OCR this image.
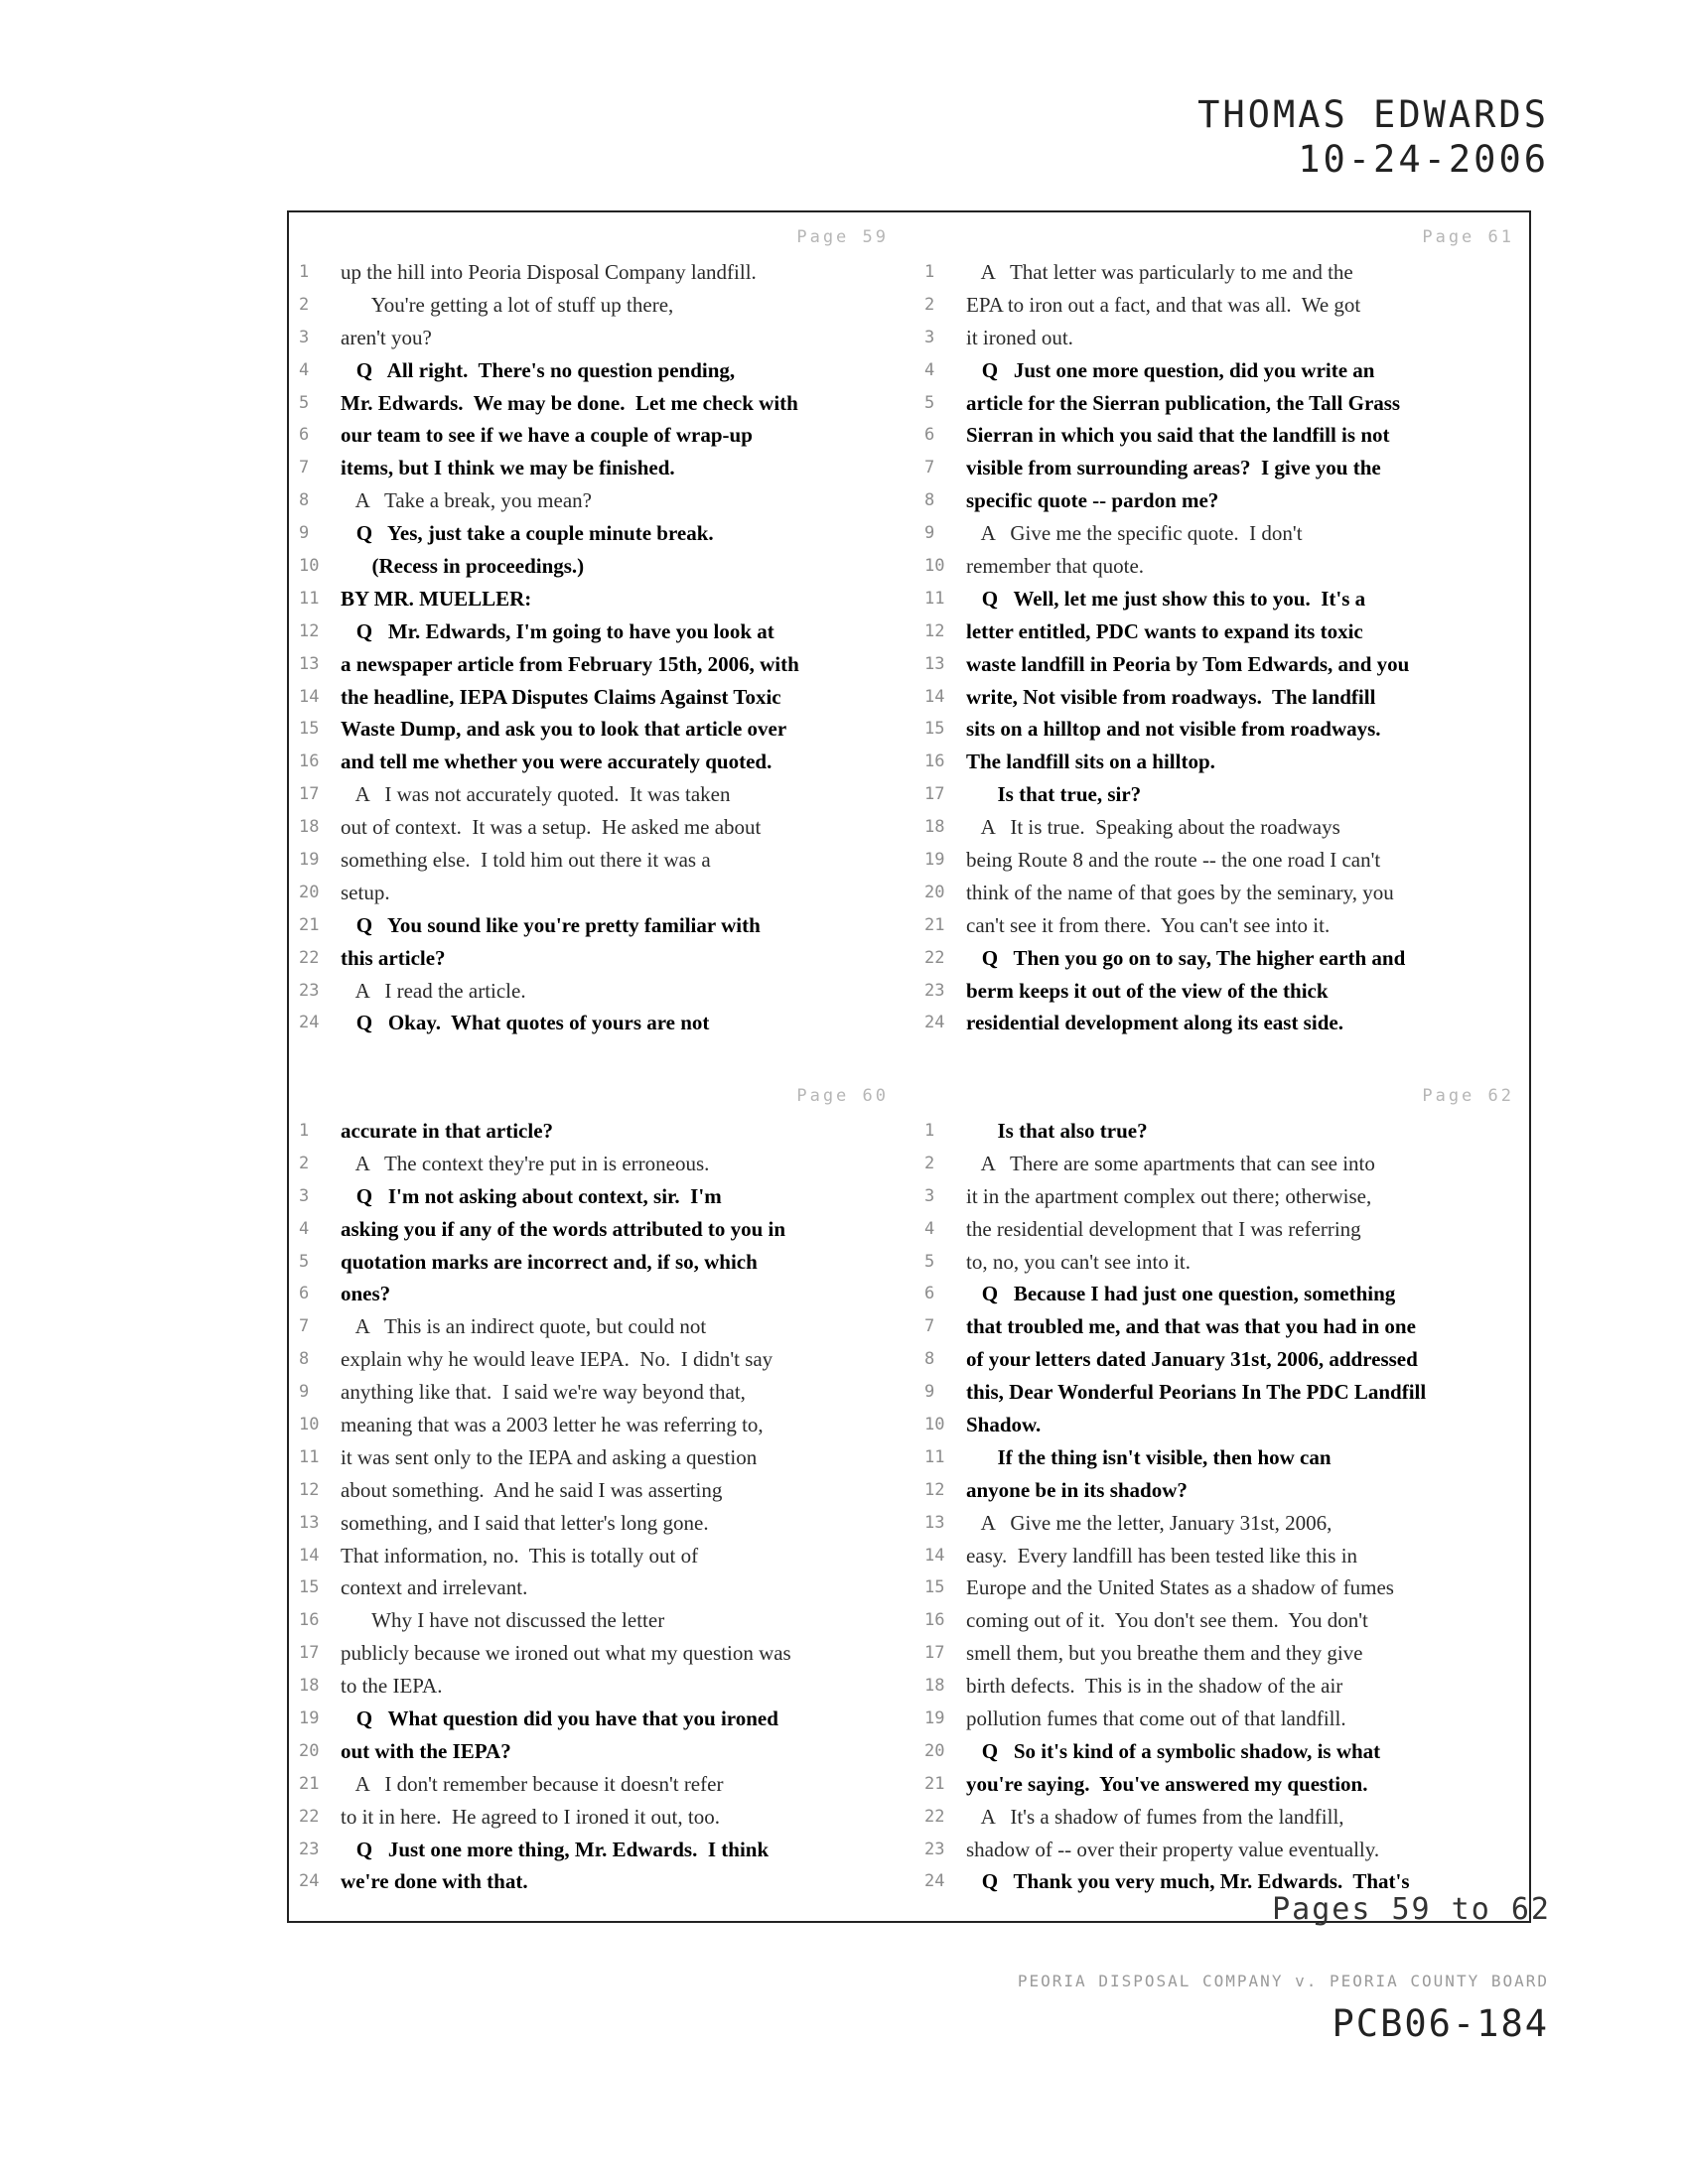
THOMAS EDWARDS
10-24-2006
Page 59
1	up the hill into Peoria Disposal Company landfill.
2	You're getting a lot of stuff up there,
3	aren't you?
4	Q   All right.  There's no question pending,
5	Mr. Edwards.  We may be done.  Let me check with
6	our team to see if we have a couple of wrap-up
7	items, but I think we may be finished.
8	A   Take a break, you mean?
9	Q   Yes, just take a couple minute break.
10	(Recess in proceedings.)
11	BY MR. MUELLER:
12	Q   Mr. Edwards, I'm going to have you look at
13	a newspaper article from February 15th, 2006, with
14	the headline, IEPA Disputes Claims Against Toxic
15	Waste Dump, and ask you to look that article over
16	and tell me whether you were accurately quoted.
17	A   I was not accurately quoted.  It was taken
18	out of context.  It was a setup.  He asked me about
19	something else.  I told him out there it was a
20	setup.
21	Q   You sound like you're pretty familiar with
22	this article?
23	A   I read the article.
24	Q   Okay.  What quotes of yours are not
Page 61
1	A   That letter was particularly to me and the
2	EPA to iron out a fact, and that was all.  We got
3	it ironed out.
4	Q   Just one more question, did you write an
5	article for the Sierran publication, the Tall Grass
6	Sierran in which you said that the landfill is not
7	visible from surrounding areas?  I give you the
8	specific quote -- pardon me?
9	A   Give me the specific quote.  I don't
10	remember that quote.
11	Q   Well, let me just show this to you.  It's a
12	letter entitled, PDC wants to expand its toxic
13	waste landfill in Peoria by Tom Edwards, and you
14	write, Not visible from roadways.  The landfill
15	sits on a hilltop and not visible from roadways.
16	The landfill sits on a hilltop.
17	Is that true, sir?
18	A   It is true.  Speaking about the roadways
19	being Route 8 and the route -- the one road I can't
20	think of the name of that goes by the seminary, you
21	can't see it from there.  You can't see into it.
22	Q   Then you go on to say, The higher earth and
23	berm keeps it out of the view of the thick
24	residential development along its east side.
Page 60
1	accurate in that article?
2	A   The context they're put in is erroneous.
3	Q   I'm not asking about context, sir.  I'm
4	asking you if any of the words attributed to you in
5	quotation marks are incorrect and, if so, which
6	ones?
7	A   This is an indirect quote, but could not
8	explain why he would leave IEPA.  No.  I didn't say
9	anything like that.  I said we're way beyond that,
10	meaning that was a 2003 letter he was referring to,
11	it was sent only to the IEPA and asking a question
12	about something.  And he said I was asserting
13	something, and I said that letter's long gone.
14	That information, no.  This is totally out of
15	context and irrelevant.
16	Why I have not discussed the letter
17	publicly because we ironed out what my question was
18	to the IEPA.
19	Q   What question did you have that you ironed
20	out with the IEPA?
21	A   I don't remember because it doesn't refer
22	to it in here.  He agreed to I ironed it out, too.
23	Q   Just one more thing, Mr. Edwards.  I think
24	we're done with that.
Page 62
1	Is that also true?
2	A   There are some apartments that can see into
3	it in the apartment complex out there; otherwise,
4	the residential development that I was referring
5	to, no, you can't see into it.
6	Q   Because I had just one question, something
7	that troubled me, and that was that you had in one
8	of your letters dated January 31st, 2006, addressed
9	this, Dear Wonderful Peorians In The PDC Landfill
10	Shadow.
11	If the thing isn't visible, then how can
12	anyone be in its shadow?
13	A   Give me the letter, January 31st, 2006,
14	easy.  Every landfill has been tested like this in
15	Europe and the United States as a shadow of fumes
16	coming out of it.  You don't see them.  You don't
17	smell them, but you breathe them and they give
18	birth defects.  This is in the shadow of the air
19	pollution fumes that come out of that landfill.
20	Q   So it's kind of a symbolic shadow, is what
21	you're saying.  You've answered my question.
22	A   It's a shadow of fumes from the landfill,
23	shadow of -- over their property value eventually.
24	Q   Thank you very much, Mr. Edwards.  That's
Pages 59 to 62
PEORIA DISPOSAL COMPANY v. PEORIA COUNTY BOARD
PCB06-184
